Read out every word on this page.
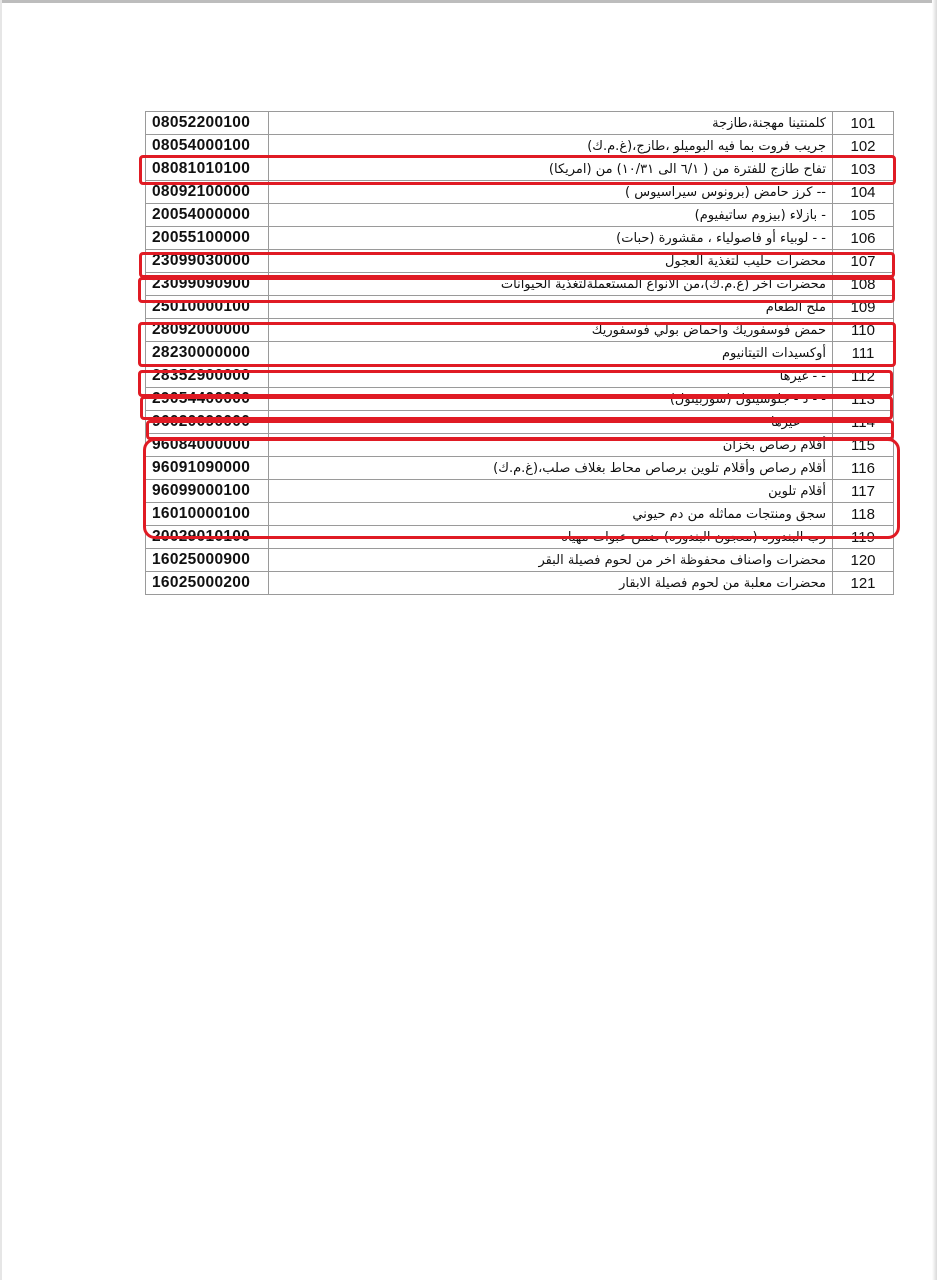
08052200100	كلمنتينا مهجنة،طازجة	101
08054000100	جريب فروت بما فيه البوميلو ،طازج،(غ.م.ك)	102
08081010100	تفاح طازج للفترة من ( ٦/١ الى ١٠/٣١) من (امريكا)	103
08092100000	-- كرز حامض (برونوس سيراسيوس )	104
20054000000	- بازلاء (بيزوم ساتيفيوم)	105
20055100000	- - لوبياء أو فاصولياء ، مقشورة (حبات)	106
23099030000	محضرات حليب لتغذية العجول	107
23099090900	محضرات اخر (غ.م.ك)،من الانواع المستعملةلتغذية الحيوانات	108
25010000100	ملح الطعام	109
28092000000	حمض فوسفوريك واحماض بولي فوسفوريك	110
28230000000	أوكسيدات التيتانيوم	111
28352900000	- - غيرها	112
29054400000	- - د - جلوسيتول (سوربيتول)	113
96020090000	- - - غيرها	114
96084000000	أقلام رصاص بخزان	115
96091090000	أقلام رصاص وأقلام تلوين برصاص محاط بغلاف صلب،(غ.م.ك)	116
96099000100	أقلام تلوين	117
16010000100	سجق ومنتجات مماثله من دم حيوني	118
20029010100	رب البندوره (معجون البندوره) ضمن عبوات مهياه	119
16025000900	محضرات واصناف محفوظة اخر من لحوم فصيلة البقر	120
16025000200	محضرات معلبة من لحوم فصيلة الابقار	121
